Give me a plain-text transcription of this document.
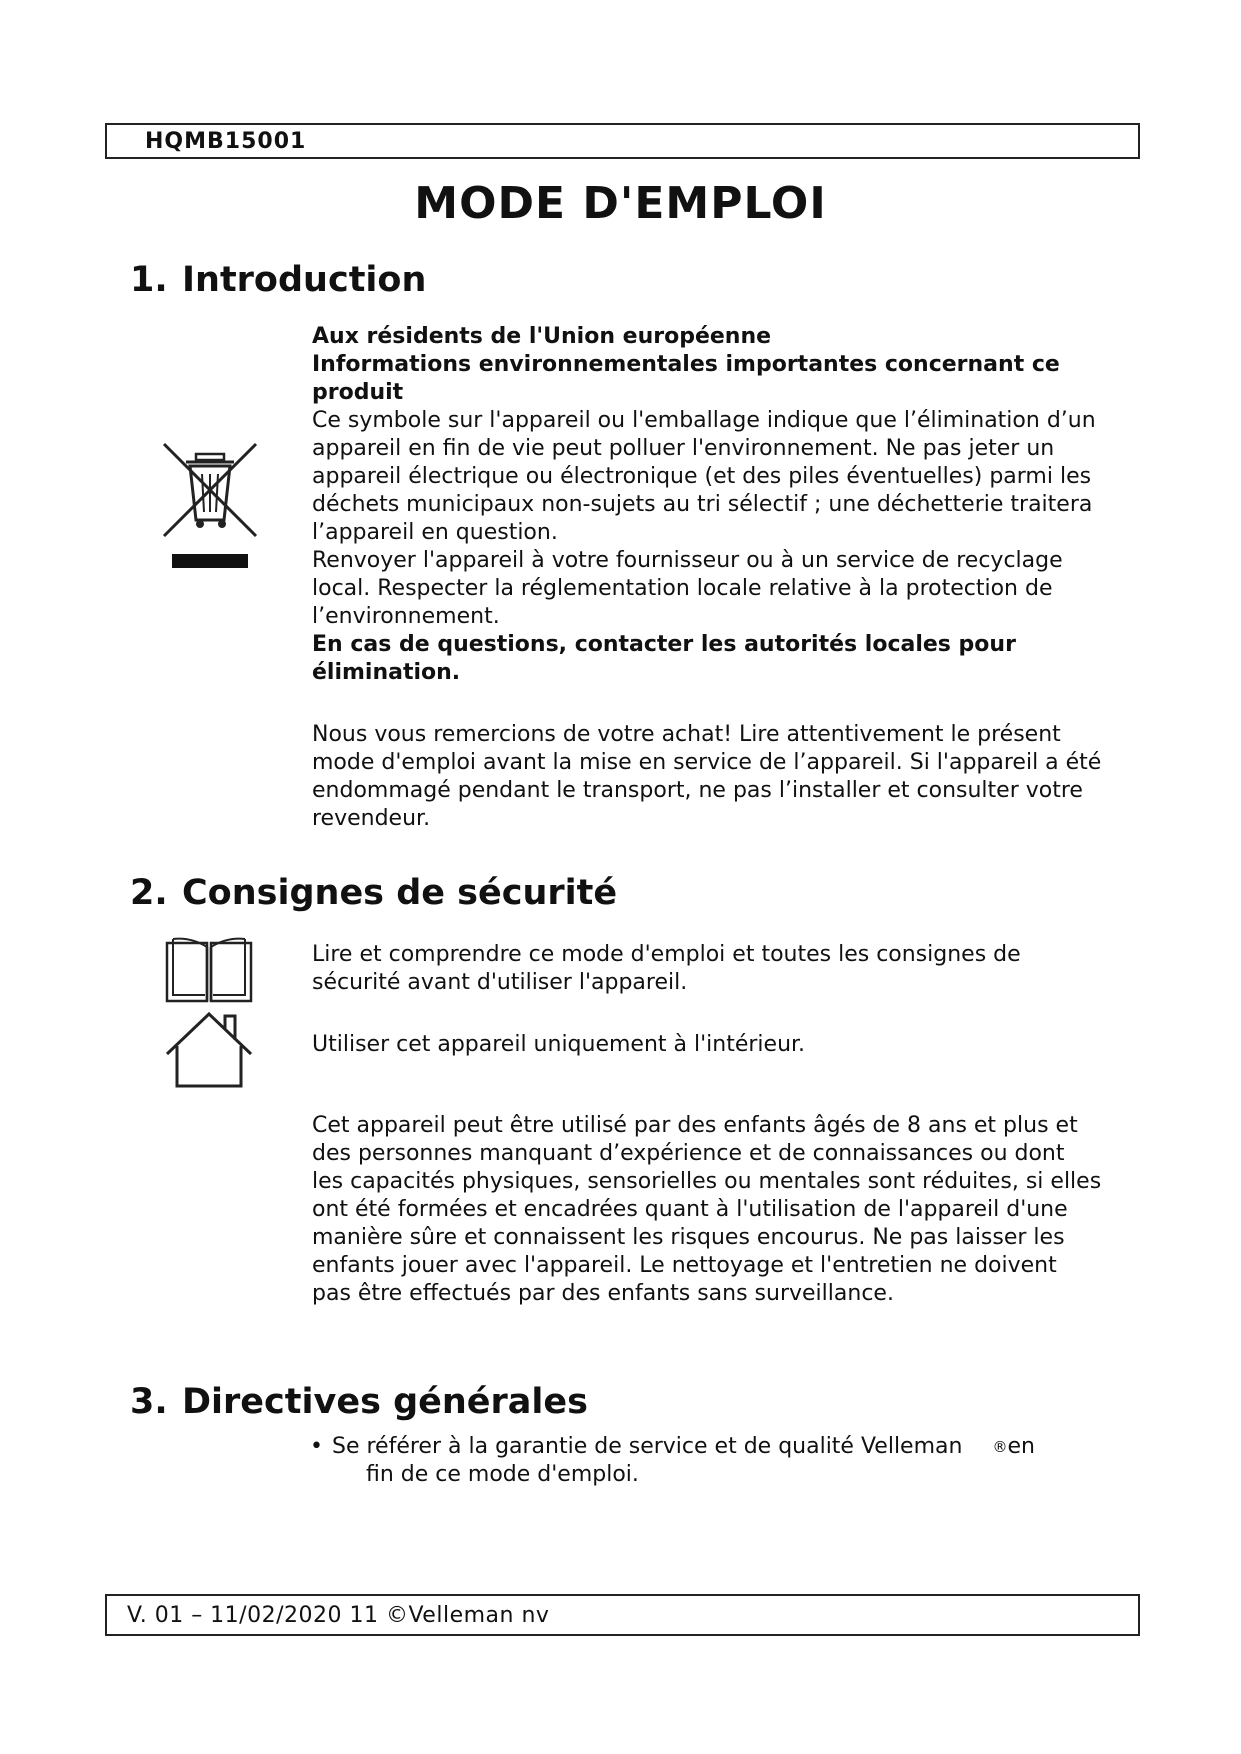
HQMB15001
MODE D'EMPLOI
1. Introduction

Aux résidents de l'Union européenne

Informations environnementales importantes concernant ce produit

Ce symbole sur l'appareil ou l'emballage indique que l’élimination d’un appareil en fin de vie peut polluer l'environnement. Ne pas jeter un appareil électrique ou électronique (et des piles éventuelles) parmi les déchets municipaux non-sujets au tri sélectif ; une déchetterie traitera l’appareil en question.

Renvoyer l'appareil à votre fournisseur ou à un service de recyclage local. Respecter la réglementation locale relative à la protection de l’environnement.

En cas de questions, contacter les autorités locales pour élimination.

Nous vous remercions de votre achat! Lire attentivement le présent mode d'emploi avant la mise en service de l’appareil. Si l'appareil a été endommagé pendant le transport, ne pas l’installer et consulter votre revendeur.

2. Consignes de sécurité

Lire et comprendre ce mode d'emploi et toutes les consignes de sécurité avant d'utiliser l'appareil.

Utiliser cet appareil uniquement à l'intérieur.

Cet appareil peut être utilisé par des enfants âgés de 8 ans et plus et des personnes manquant d’expérience et de connaissances ou dont les capacités physiques, sensorielles ou mentales sont réduites, si elles ont été formées et encadrées quant à l'utilisation de l'appareil d'une manière sûre et connaissent les risques encourus. Ne pas laisser les enfants jouer avec l'appareil. Le nettoyage et l'entretien ne doivent pas être effectués par des enfants sans surveillance.

3. Directives générales
• Se référer à la garantie de service et de qualité Velleman ®en
fin de ce mode d'emploi.
V. 01 – 11/02/2020 11 ©Velleman nv
